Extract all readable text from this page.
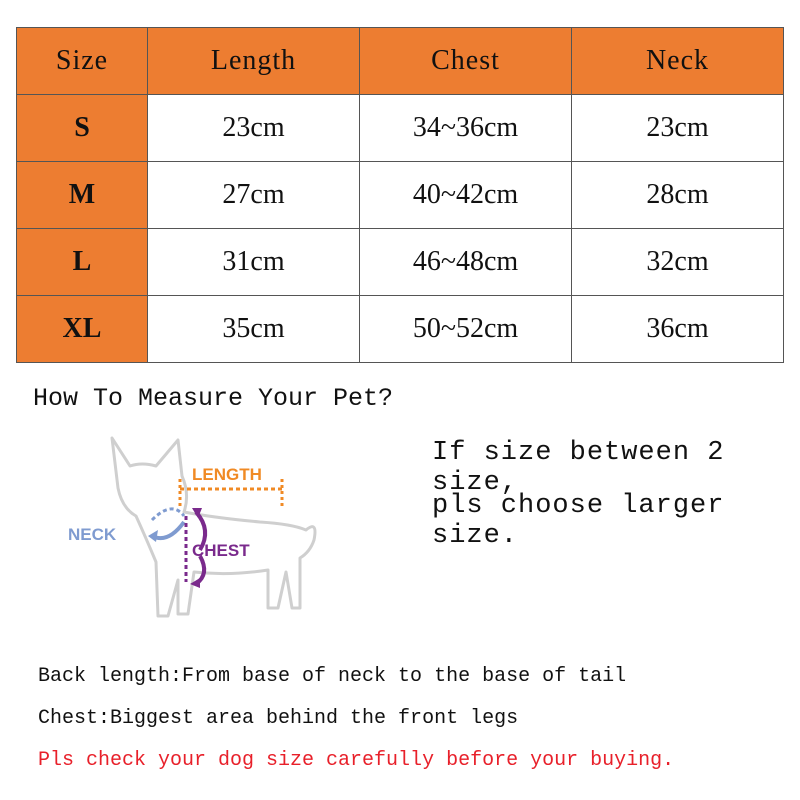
Size	Length	Chest	Neck
S	23cm	34~36cm	23cm
M	27cm	40~42cm	28cm
L	31cm	46~48cm	32cm
XL	35cm	50~52cm	36cm
How To Measure Your Pet?
LENGTH
NECK
CHEST
If size between 2 size,
pls choose larger size.
Back length:From base of neck to the base of tail
Chest:Biggest area behind the front legs
Pls check your dog size carefully before your buying.
